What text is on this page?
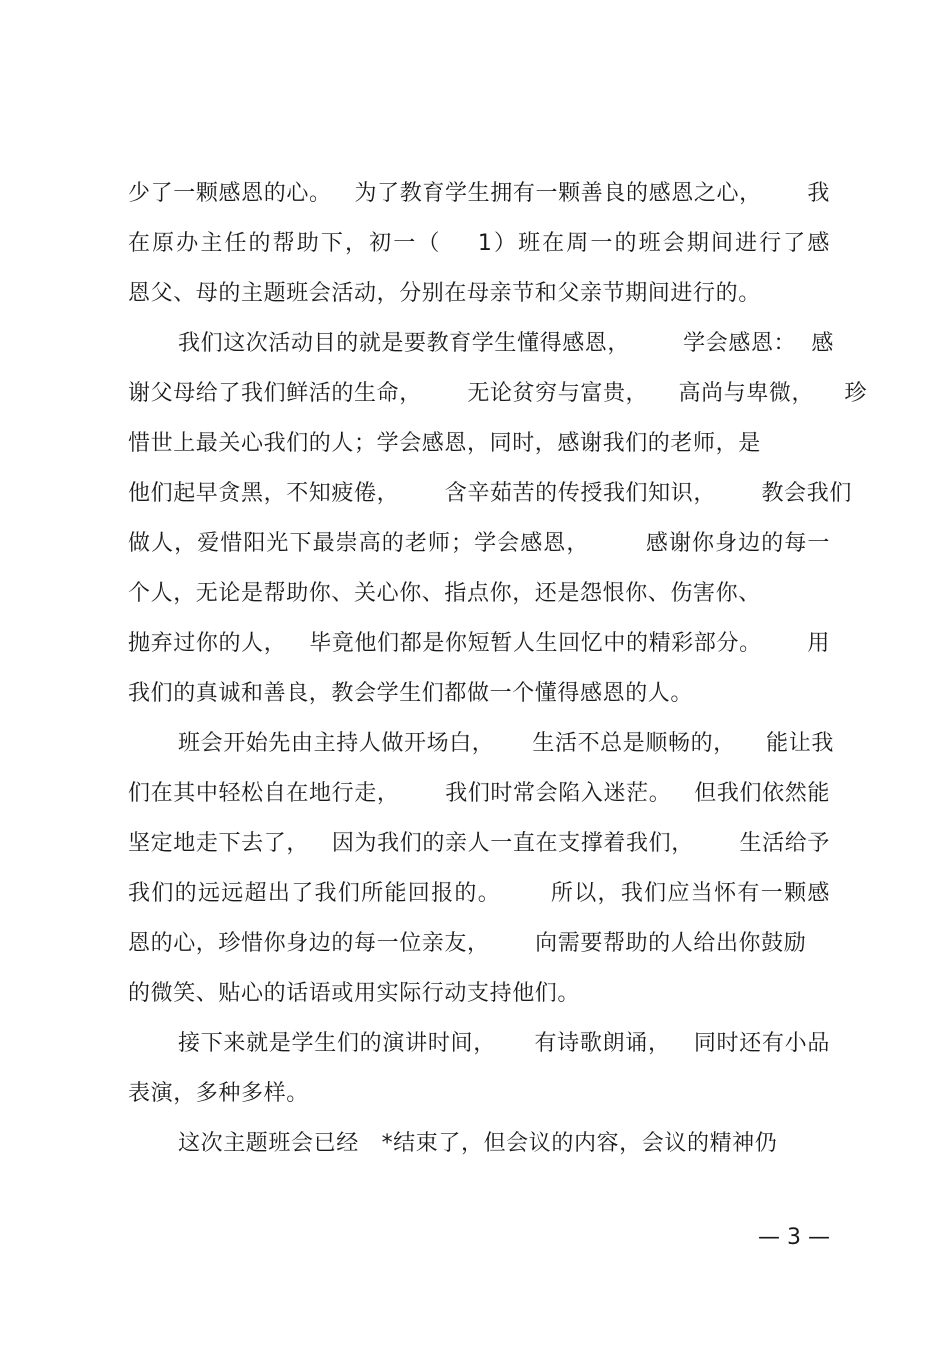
少了一颗感恩的心。   为了教育学生拥有一颗善良的感恩之心，      我
在原办主任的帮助下，初一（    1）班在周一的班会期间进行了感
恩父、母的主题班会活动，分别在母亲节和父亲节期间进行的。
我们这次活动目的就是要教育学生懂得感恩，       学会感恩：  感
谢父母给了我们鲜活的生命，      无论贫穷与富贵，    高尚与卑微，    珍
惜世上最关心我们的人；学会感恩，同时，感谢我们的老师，是
他们起早贪黑，不知疲倦，      含辛茹苦的传授我们知识，      教会我们
做人，爱惜阳光下最崇高的老师；学会感恩，       感谢你身边的每一
个人，无论是帮助你、关心你、指点你，还是怨恨你、伤害你、
抛弃过你的人，   毕竟他们都是你短暂人生回忆中的精彩部分。      用
我们的真诚和善良，教会学生们都做一个懂得感恩的人。
班会开始先由主持人做开场白，     生活不总是顺畅的，    能让我
们在其中轻松自在地行走，      我们时常会陷入迷茫。   但我们依然能
坚定地走下去了，   因为我们的亲人一直在支撑着我们，      生活给予
我们的远远超出了我们所能回报的。      所以，我们应当怀有一颗感
恩的心，珍惜你身边的每一位亲友，      向需要帮助的人给出你鼓励
的微笑、贴心的话语或用实际行动支持他们。
接下来就是学生们的演讲时间，     有诗歌朗诵，   同时还有小品
表演，多种多样。
这次主题班会已经   *结束了，但会议的内容，会议的精神仍
— 3 —
